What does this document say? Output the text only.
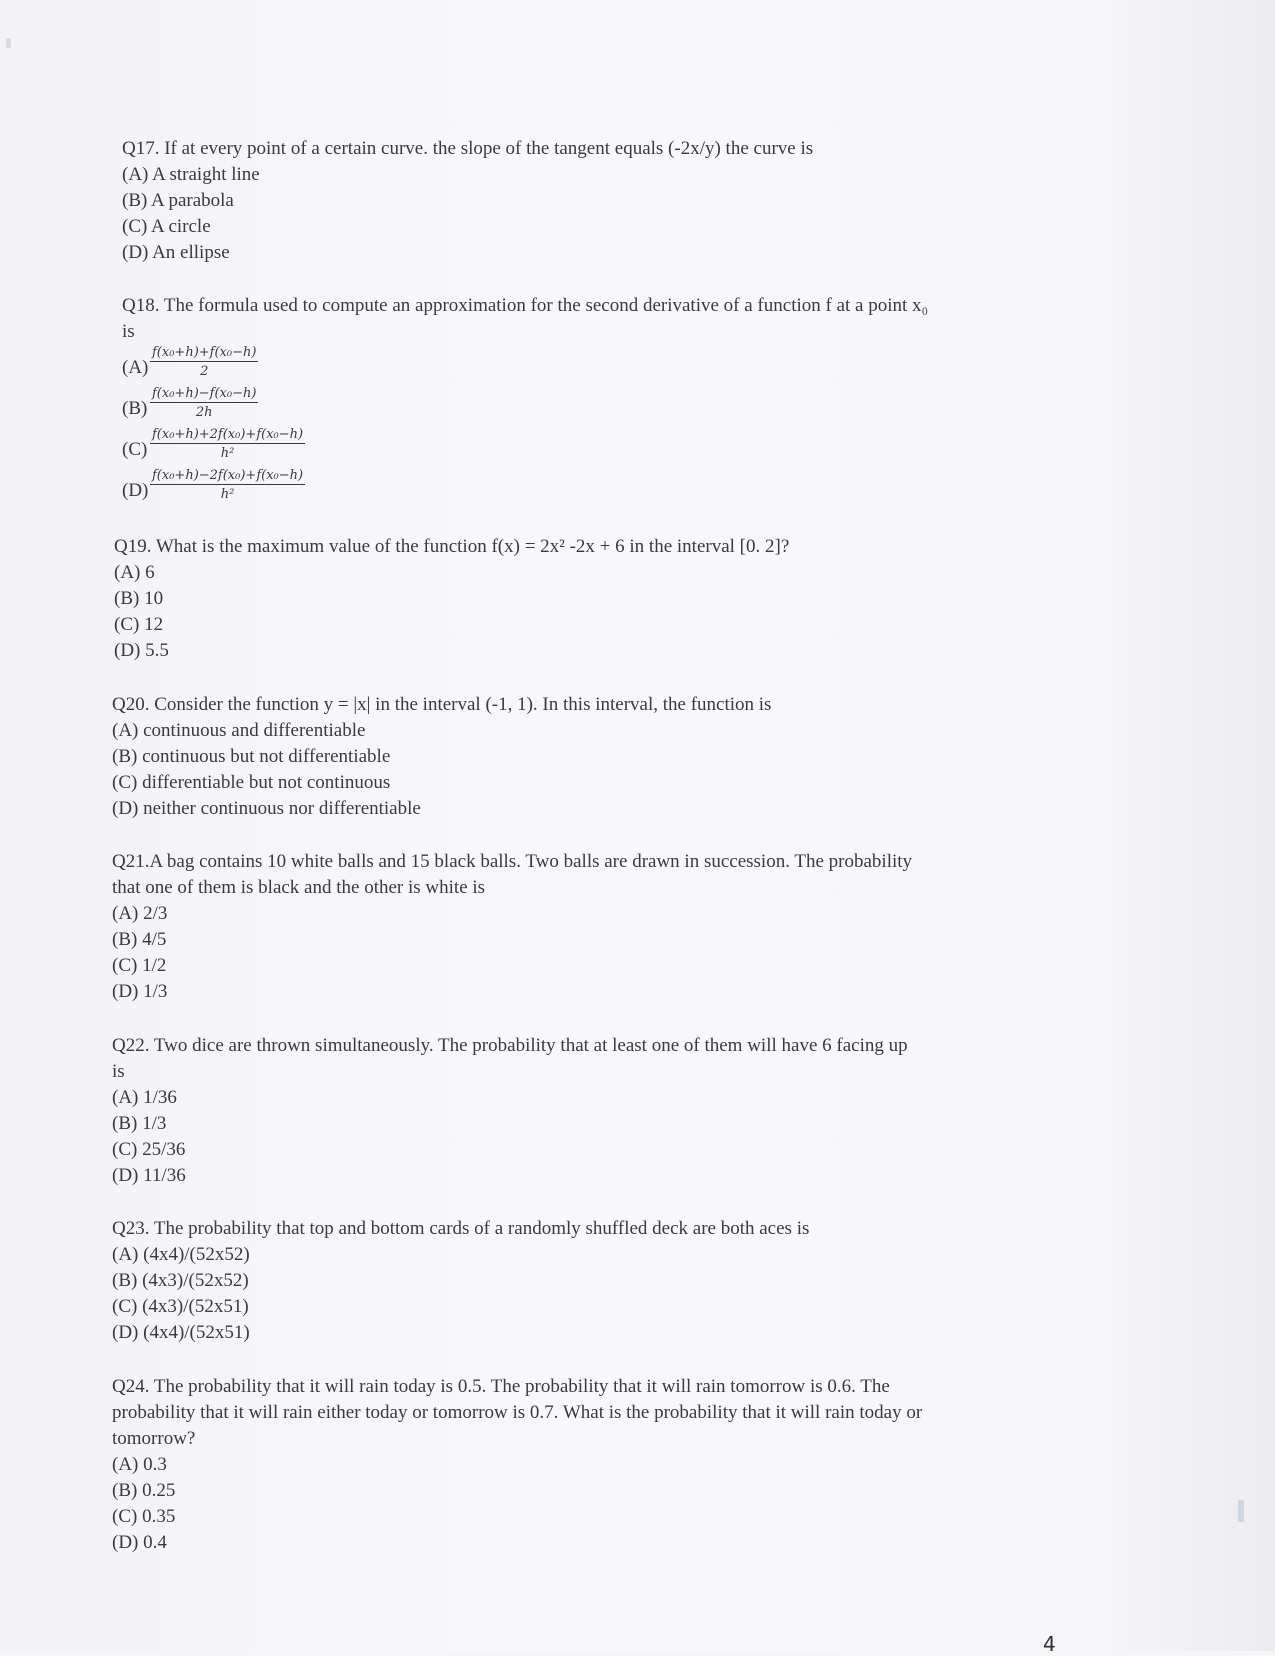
Q17. If at every point of a certain curve. the slope of the tangent equals (-2x/y) the curve is

(A) A straight line

(B) A parabola

(C) A circle

(D) An ellipse

Q18. The formula used to compute an approximation for the second derivative of a function f at a point x₀

is

$(A) \frac{\text{f(x₀+h)+f(x₀−h)}}{2}$
$(B) \frac{\text{f(x₀+h)−f(x₀−h)}}{2h}$
$(C) \frac{\text{f(x₀+h)+2f(x₀)+f(x₀−h)}}{\text{h²}}$
$(D) \frac{\text{f(x₀+h)−2f(x₀)+f(x₀−h)}}{\text{h²}}$

Q19. What is the maximum value of the function f(x) = 2x² -2x + 6 in the interval [0. 2]?

(A) 6

(B) 10

(C) 12

(D) 5.5

Q20. Consider the function y = |x| in the interval (-1, 1). In this interval, the function is

(A) continuous and differentiable

(B) continuous but not differentiable

(C) differentiable but not continuous

(D) neither continuous nor differentiable

Q21.A bag contains 10 white balls and 15 black balls. Two balls are drawn in succession. The probability

that one of them is black and the other is white is

(A) 2/3

(B) 4/5

(C) 1/2

(D) 1/3

Q22. Two dice are thrown simultaneously. The probability that at least one of them will have 6 facing up

is

(A) 1/36

(B) 1/3

(C) 25/36

(D) 11/36

Q23. The probability that top and bottom cards of a randomly shuffled deck are both aces is

(A) (4x4)/(52x52)

(B) (4x3)/(52x52)

(C) (4x3)/(52x51)

(D) (4x4)/(52x51)

Q24. The probability that it will rain today is 0.5. The probability that it will rain tomorrow is 0.6. The

probability that it will rain either today or tomorrow is 0.7. What is the probability that it will rain today or

tomorrow?

(A) 0.3

(B) 0.25

(C) 0.35

(D) 0.4

4
